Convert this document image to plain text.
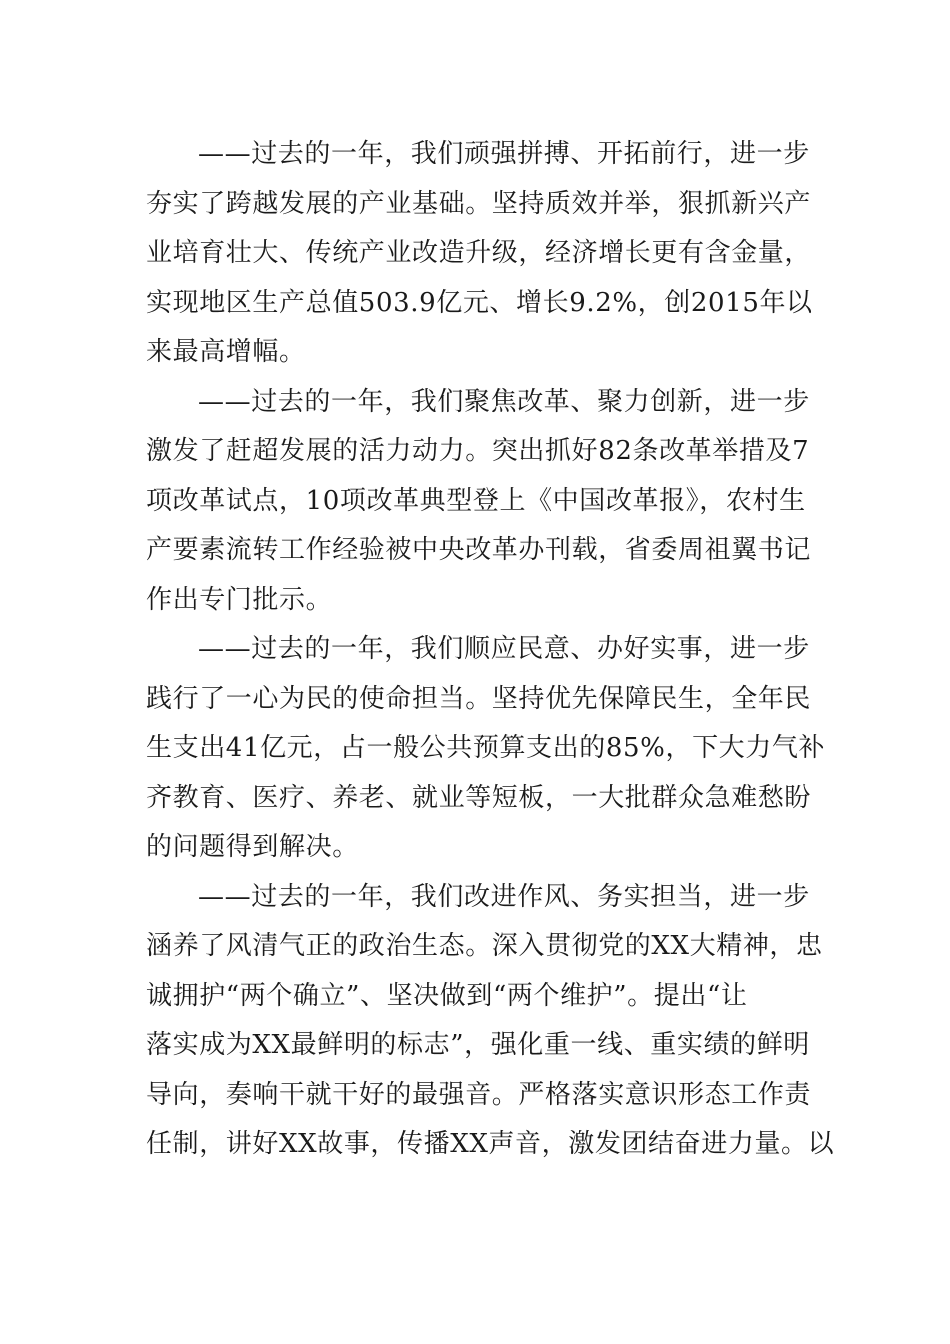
——过去的一年，我们顽强拼搏、开拓前行，进一步
夯实了跨越发展的产业基础。坚持质效并举，狠抓新兴产
业培育壮大、传统产业改造升级，经济增长更有含金量，
实现地区生产总值503.9亿元、增长9.2%，创2015年以
来最高增幅。

——过去的一年，我们聚焦改革、聚力创新，进一步
激发了赶超发展的活力动力。突出抓好82条改革举措及7
项改革试点，10项改革典型登上《中国改革报》，农村生
产要素流转工作经验被中央改革办刊载，省委周祖翼书记
作出专门批示。

——过去的一年，我们顺应民意、办好实事，进一步
践行了一心为民的使命担当。坚持优先保障民生，全年民
生支出41亿元，占一般公共预算支出的85%，下大力气补
齐教育、医疗、养老、就业等短板，一大批群众急难愁盼
的问题得到解决。

——过去的一年，我们改进作风、务实担当，进一步
涵养了风清气正的政治生态。深入贯彻党的XX大精神，忠
诚拥护“两个确立”、坚决做到“两个维护”。提出“让
落实成为XX最鲜明的标志”，强化重一线、重实绩的鲜明
导向，奏响干就干好的最强音。严格落实意识形态工作责
任制，讲好XX故事，传播XX声音，激发团结奋进力量。以
